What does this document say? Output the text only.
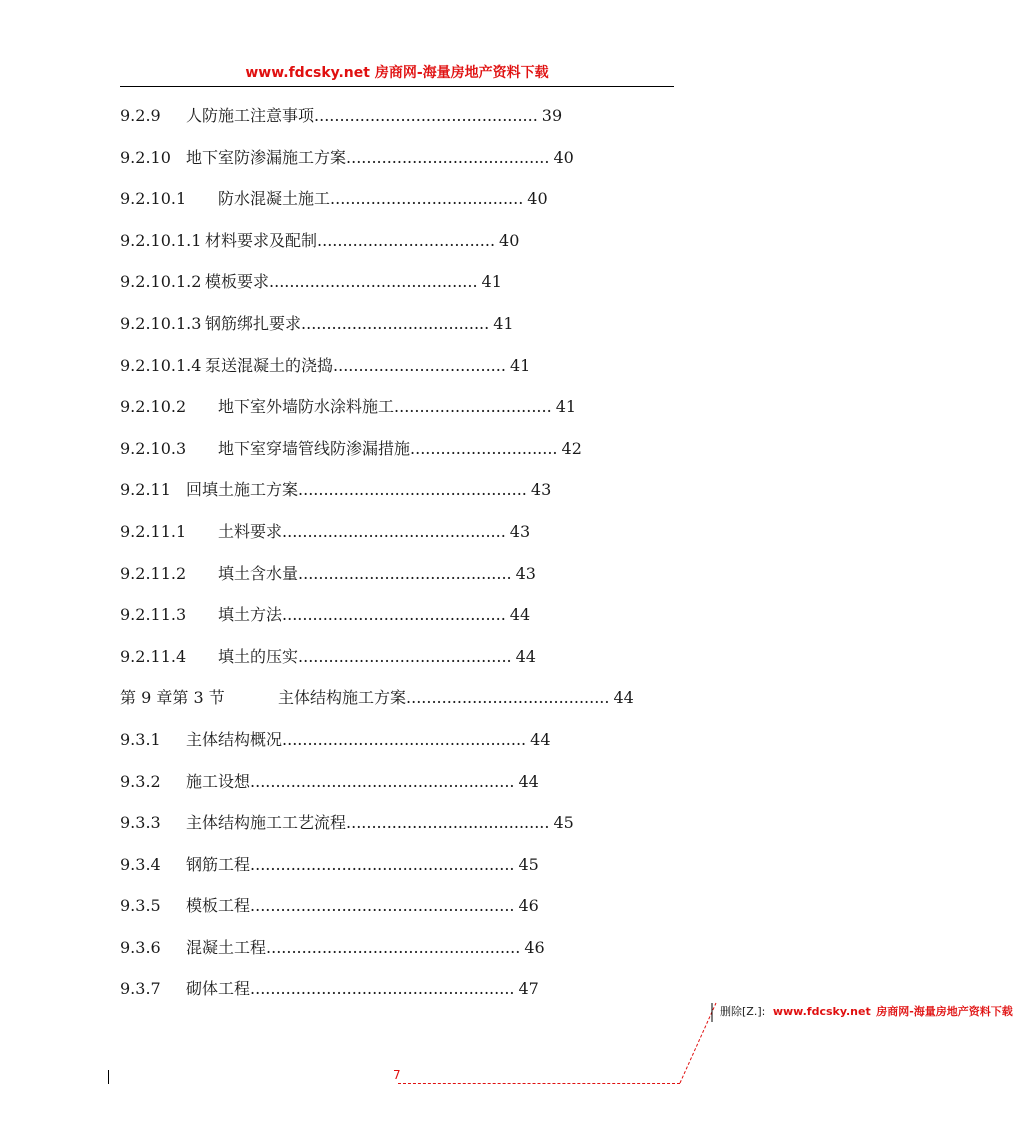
www.fdcsky.net 房商网-海量房地产资料下载
9.2.9	人防施工注意事项 ............................................ 39
9.2.10 地下室防渗漏施工方案 ........................................ 40
9.2.10.1	防水混凝土施工 ...................................... 40
9.2.10.1.1 材料要求及配制 ................................... 40
9.2.10.1.2 模板要求 ......................................... 41
9.2.10.1.3 钢筋绑扎要求 ..................................... 41
9.2.10.1.4 泵送混凝土的浇捣 .................................. 41
9.2.10.2	地下室外墙防水涂料施工 ............................... 41
9.2.10.3	地下室穿墙管线防渗漏措施 ............................. 42
9.2.11 回填土施工方案 ............................................. 43
9.2.11.1	土料要求 ............................................ 43
9.2.11.2	填土含水量 .......................................... 43
9.2.11.3	填土方法 ............................................ 44
9.2.11.4	填土的压实 .......................................... 44
第 9 章第 3 节	主体结构施工方案 ........................................ 44
9.3.1	主体结构概况 ................................................ 44
9.3.2	施工设想 .................................................... 44
9.3.3	主体结构施工工艺流程 ........................................ 45
9.3.4	钢筋工程 .................................................... 45
9.3.5	模板工程 .................................................... 46
9.3.6	混凝土工程 .................................................. 46
9.3.7	砌体工程 .................................................... 47
7
删除[Z.]: www.fdcsky.net 房商网-海量房地产资料下载
